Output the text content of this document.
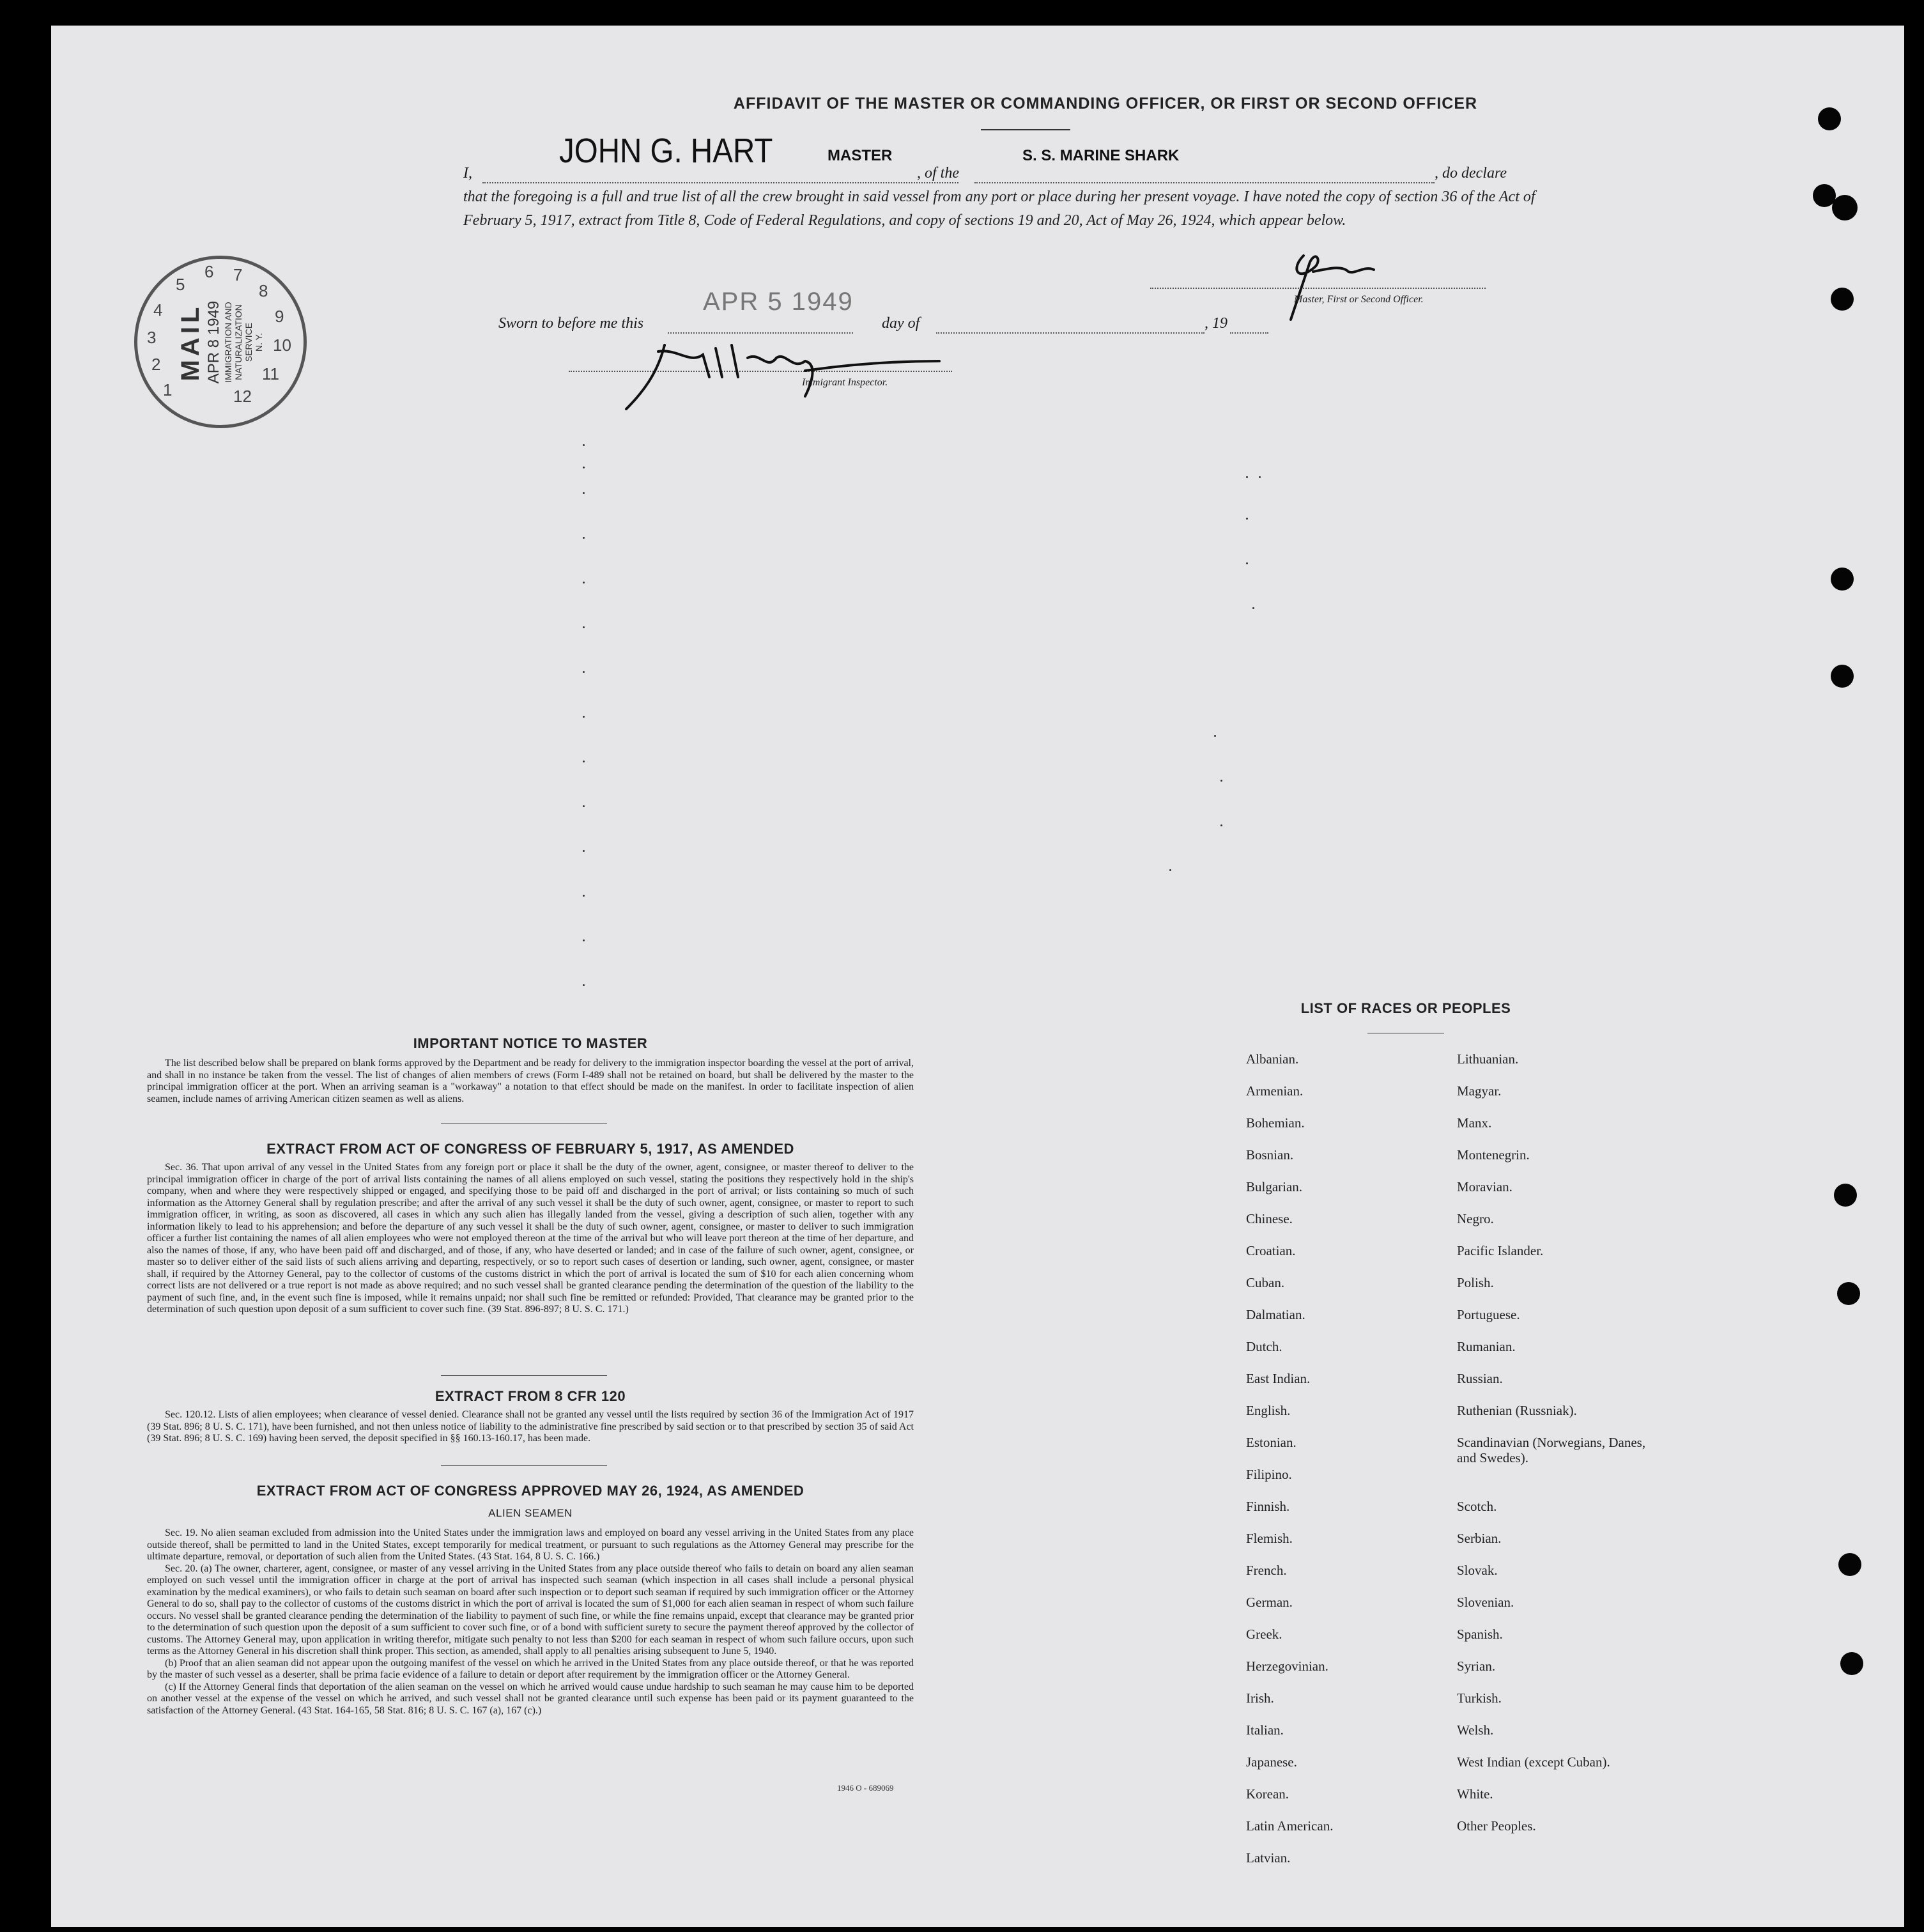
AFFIDAVIT OF THE MASTER OR COMMANDING OFFICER, OR FIRST OR SECOND OFFICER
I,
JOHN G. HART	MASTER
, of the
S. S. MARINE SHARK
, do declare
that the foregoing is a full and true list of all the crew brought in said vessel from any port or place during her present voyage. I have noted the copy of section 36 of the Act of February 5, 1917, extract from Title 8, Code of Federal Regulations, and copy of sections 19 and 20, Act of May 26, 1924, which appear below.
Master, First or Second Officer.
1
2
3
4
5
6 7
8
9
10
11
12
MAIL APR 8 1949 IMMIGRATION AND NATURALIZATION SERVICE N. Y.
Sworn to before me this
APR 5 1949
day of	, 19
Immigrant Inspector.
IMPORTANT NOTICE TO MASTER

The list described below shall be prepared on blank forms approved by the Department and be ready for delivery to the immigration inspector boarding the vessel at the port of arrival, and shall in no instance be taken from the vessel. The list of changes of alien members of crews (Form I-489 shall not be retained on board, but shall be delivered by the master to the principal immigration officer at the port. When an arriving seaman is a "workaway" a notation to that effect should be made on the manifest. In order to facilitate inspection of alien seamen, include names of arriving American citizen seamen as well as aliens.

EXTRACT FROM ACT OF CONGRESS OF FEBRUARY 5, 1917, AS AMENDED

Sec. 36. That upon arrival of any vessel in the United States from any foreign port or place it shall be the duty of the owner, agent, consignee, or master thereof to deliver to the principal immigration officer in charge of the port of arrival lists containing the names of all aliens employed on such vessel, stating the positions they respectively hold in the ship's company, when and where they were respectively shipped or engaged, and specifying those to be paid off and discharged in the port of arrival; or lists containing so much of such information as the Attorney General shall by regulation prescribe; and after the arrival of any such vessel it shall be the duty of such owner, agent, consignee, or master to report to such immigration officer, in writing, as soon as discovered, all cases in which any such alien has illegally landed from the vessel, giving a description of such alien, together with any information likely to lead to his apprehension; and before the departure of any such vessel it shall be the duty of such owner, agent, consignee, or master to deliver to such immigration officer a further list containing the names of all alien employees who were not employed thereon at the time of the arrival but who will leave port thereon at the time of her departure, and also the names of those, if any, who have been paid off and discharged, and of those, if any, who have deserted or landed; and in case of the failure of such owner, agent, consignee, or master so to deliver either of the said lists of such aliens arriving and departing, respectively, or so to report such cases of desertion or landing, such owner, agent, consignee, or master shall, if required by the Attorney General, pay to the collector of customs of the customs district in which the port of arrival is located the sum of $10 for each alien concerning whom correct lists are not delivered or a true report is not made as above required; and no such vessel shall be granted clearance pending the determination of the question of the liability to the payment of such fine, and, in the event such fine is imposed, while it remains unpaid; nor shall such fine be remitted or refunded: Provided, That clearance may be granted prior to the determination of such question upon deposit of a sum sufficient to cover such fine. (39 Stat. 896-897; 8 U. S. C. 171.)

EXTRACT FROM 8 CFR 120

Sec. 120.12. Lists of alien employees; when clearance of vessel denied. Clearance shall not be granted any vessel until the lists required by section 36 of the Immigration Act of 1917 (39 Stat. 896; 8 U. S. C. 171), have been furnished, and not then unless notice of liability to the administrative fine prescribed by said section or to that prescribed by section 35 of said Act (39 Stat. 896; 8 U. S. C. 169) having been served, the deposit specified in §§ 160.13-160.17, has been made.

EXTRACT FROM ACT OF CONGRESS APPROVED MAY 26, 1924, AS AMENDED
ALIEN SEAMEN

Sec. 19. No alien seaman excluded from admission into the United States under the immigration laws and employed on board any vessel arriving in the United States from any place outside thereof, shall be permitted to land in the United States, except temporarily for medical treatment, or pursuant to such regulations as the Attorney General may prescribe for the ultimate departure, removal, or deportation of such alien from the United States. (43 Stat. 164, 8 U. S. C. 166.)

Sec. 20. (a) The owner, charterer, agent, consignee, or master of any vessel arriving in the United States from any place outside thereof who fails to detain on board any alien seaman employed on such vessel until the immigration officer in charge at the port of arrival has inspected such seaman (which inspection in all cases shall include a personal physical examination by the medical examiners), or who fails to detain such seaman on board after such inspection or to deport such seaman if required by such immigration officer or the Attorney General to do so, shall pay to the collector of customs of the customs district in which the port of arrival is located the sum of $1,000 for each alien seaman in respect of whom such failure occurs. No vessel shall be granted clearance pending the determination of the liability to payment of such fine, or while the fine remains unpaid, except that clearance may be granted prior to the determination of such question upon the deposit of a sum sufficient to cover such fine, or of a bond with sufficient surety to secure the payment thereof approved by the collector of customs. The Attorney General may, upon application in writing therefor, mitigate such penalty to not less than $200 for each seaman in respect of whom such failure occurs, upon such terms as the Attorney General in his discretion shall think proper. This section, as amended, shall apply to all penalties arising subsequent to June 5, 1940.

(b) Proof that an alien seaman did not appear upon the outgoing manifest of the vessel on which he arrived in the United States from any place outside thereof, or that he was reported by the master of such vessel as a deserter, shall be prima facie evidence of a failure to detain or deport after requirement by the immigration officer or the Attorney General.

(c) If the Attorney General finds that deportation of the alien seaman on the vessel on which he arrived would cause undue hardship to such seaman he may cause him to be deported on another vessel at the expense of the vessel on which he arrived, and such vessel shall not be granted clearance until such expense has been paid or its payment guaranteed to the satisfaction of the Attorney General. (43 Stat. 164-165, 58 Stat. 816; 8 U. S. C. 167 (a), 167 (c).)

1946 O - 689069
LIST OF RACES OR PEOPLES
Albanian.
Armenian.
Bohemian.
Bosnian.
Bulgarian.
Chinese.
Croatian.
Cuban.
Dalmatian.
Dutch.
East Indian.
English.
Estonian.
Filipino.
Finnish.
Flemish.
French.
German.
Greek.
Herzegovinian.
Irish.
Italian.
Japanese.
Korean.
Latin American.
Latvian.
Lithuanian.
Magyar.
Manx.
Montenegrin.
Moravian.
Negro.
Pacific Islander.
Polish.
Portuguese.
Rumanian.
Russian.
Ruthenian (Russniak).
Scandinavian (Norwegians, Danes, and Swedes).
Scotch.
Serbian.
Slovak.
Slovenian.
Spanish.
Syrian.
Turkish.
Welsh.
West Indian (except Cuban).
White.
Other Peoples.
